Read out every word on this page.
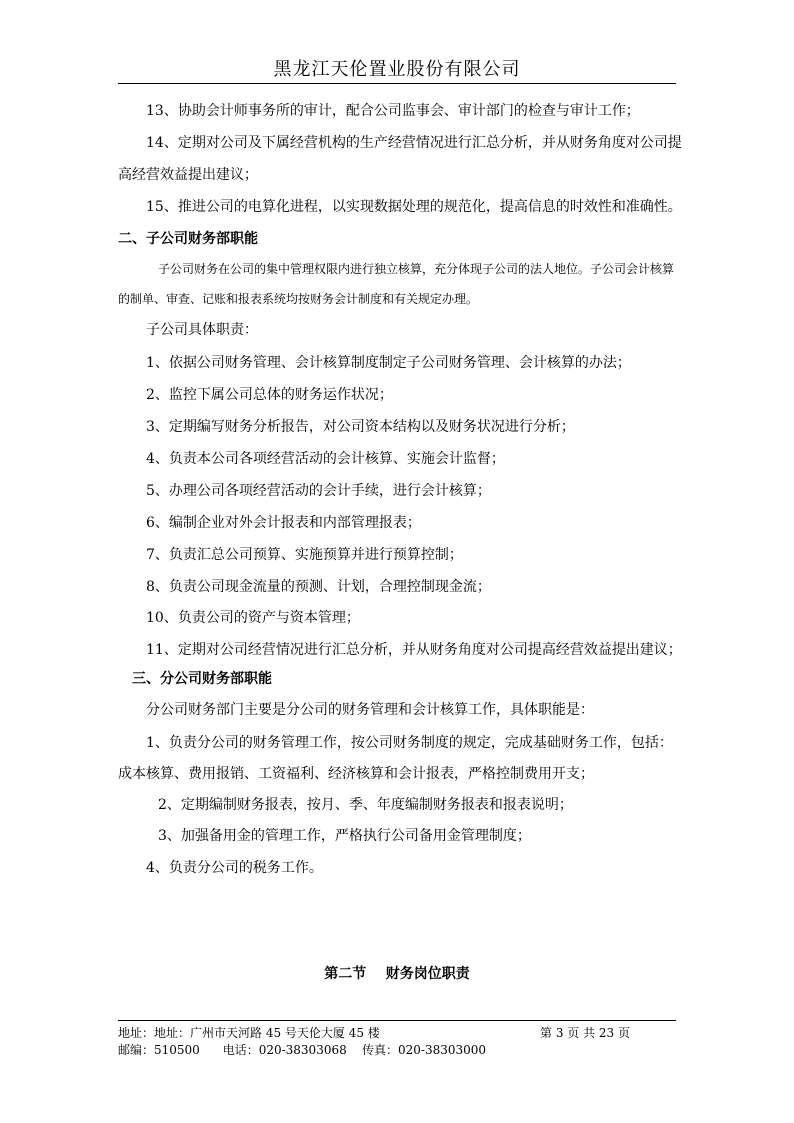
黑龙江天伦置业股份有限公司
13、协助会计师事务所的审计，配合公司监事会、审计部门的检查与审计工作；
14、定期对公司及下属经营机构的生产经营情况进行汇总分析，并从财务角度对公司提
高经营效益提出建议；
15、推进公司的电算化进程，以实现数据处理的规范化，提高信息的时效性和准确性。
二、子公司财务部职能
子公司财务在公司的集中管理权限内进行独立核算，充分体现子公司的法人地位。子公司会计核算
的制单、审查、记账和报表系统均按财务会计制度和有关规定办理。
子公司具体职责：
1、依据公司财务管理、会计核算制度制定子公司财务管理、会计核算的办法；
2、监控下属公司总体的财务运作状况；
3、定期编写财务分析报告，对公司资本结构以及财务状况进行分析；
4、负责本公司各项经营活动的会计核算、实施会计监督；
5、办理公司各项经营活动的会计手续，进行会计核算；
6、编制企业对外会计报表和内部管理报表；
7、负责汇总公司预算、实施预算并进行预算控制；
8、负责公司现金流量的预测、计划，合理控制现金流；
10、负责公司的资产与资本管理；
11、定期对公司经营情况进行汇总分析，并从财务角度对公司提高经营效益提出建议；
三、分公司财务部职能
分公司财务部门主要是分公司的财务管理和会计核算工作，具体职能是：
1、负责分公司的财务管理工作，按公司财务制度的规定，完成基础财务工作，包括：
成本核算、费用报销、工资福利、经济核算和会计报表，严格控制费用开支；
2、定期编制财务报表，按月、季、年度编制财务报表和报表说明；
3、加强备用金的管理工作，严格执行公司备用金管理制度；
4、负责分公司的税务工作。
第二节    财务岗位职责
地址：地址：广州市天河路 45 号天伦大厦 45 楼	第 3 页 共 23 页
邮编：510500      电话：020-38303068    传真：020-38303000
